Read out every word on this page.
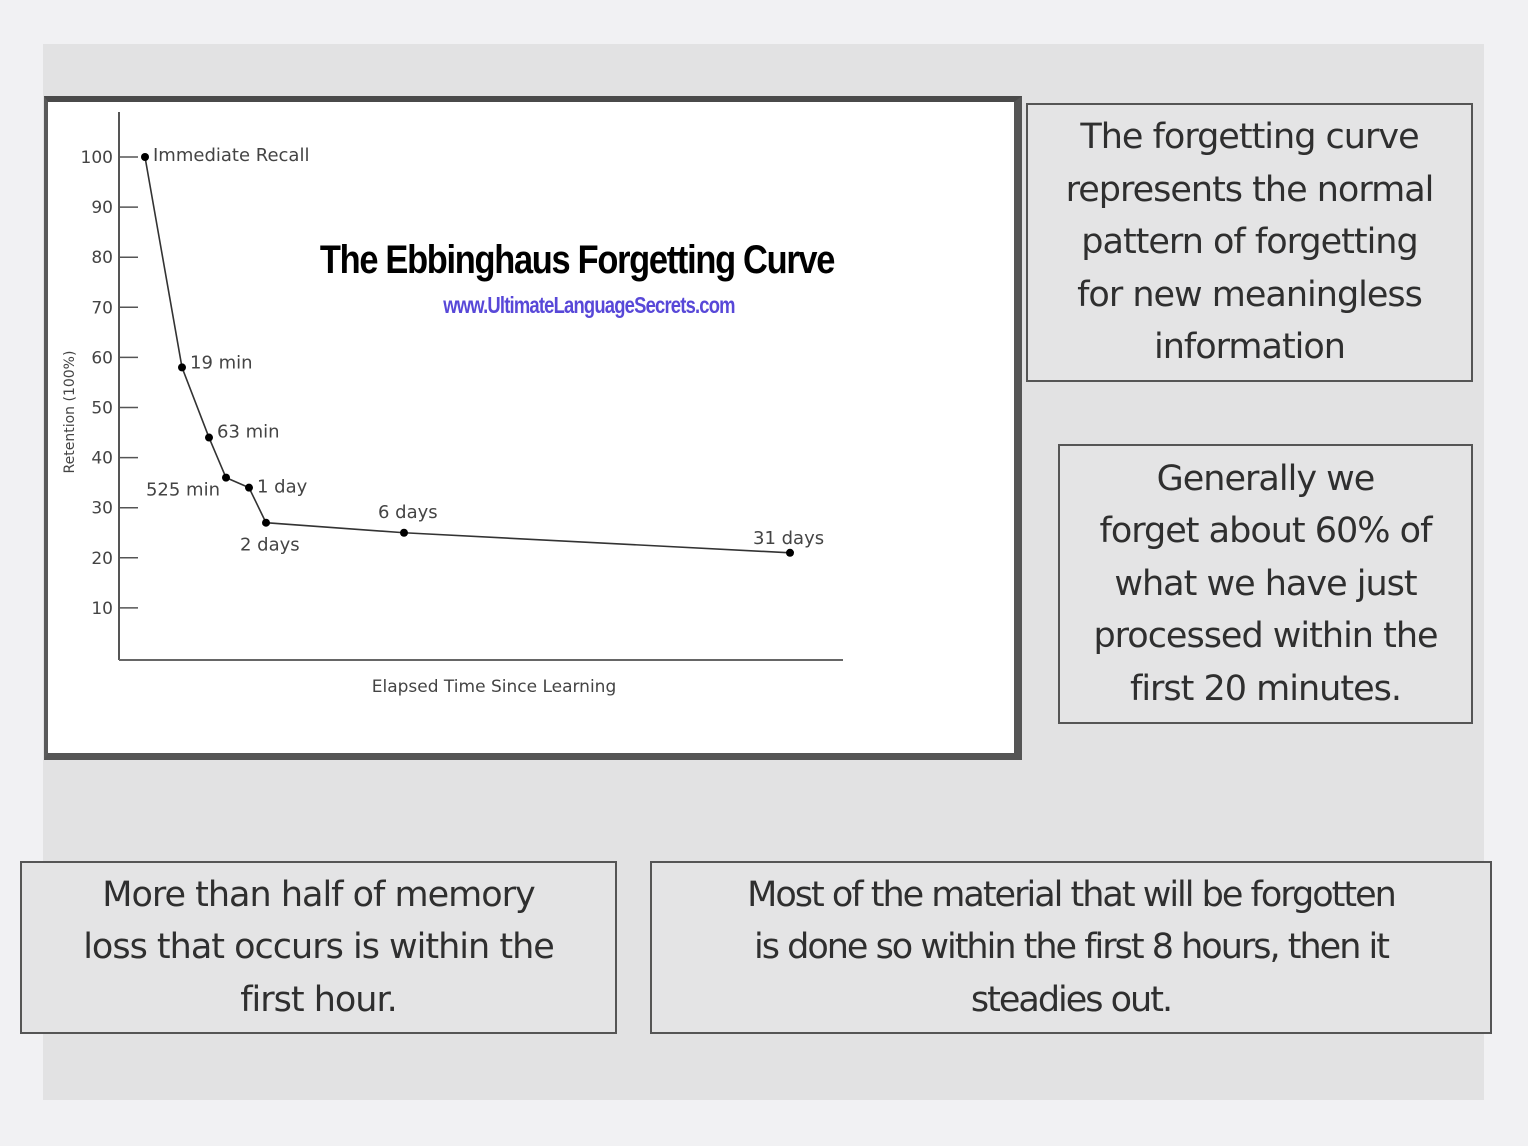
100
90
80
70
60
50
40
30
20
10
Retention (100%)
Elapsed Time Since Learning
Immediate Recall
19 min
63 min
525 min 1 day
2 days
6 days
31 days
The Ebbinghaus Forgetting Curve
www.UltimateLanguageSecrets.com
The forgetting curve
represents the normal
pattern of forgetting
for new meaningless
information
Generally we
forget about 60% of
what we have just
processed within the
first 20 minutes.
More than half of memory
loss that occurs is within the
first hour.
Most of the material that will be forgotten
is done so within the first 8 hours, then it
steadies out.
